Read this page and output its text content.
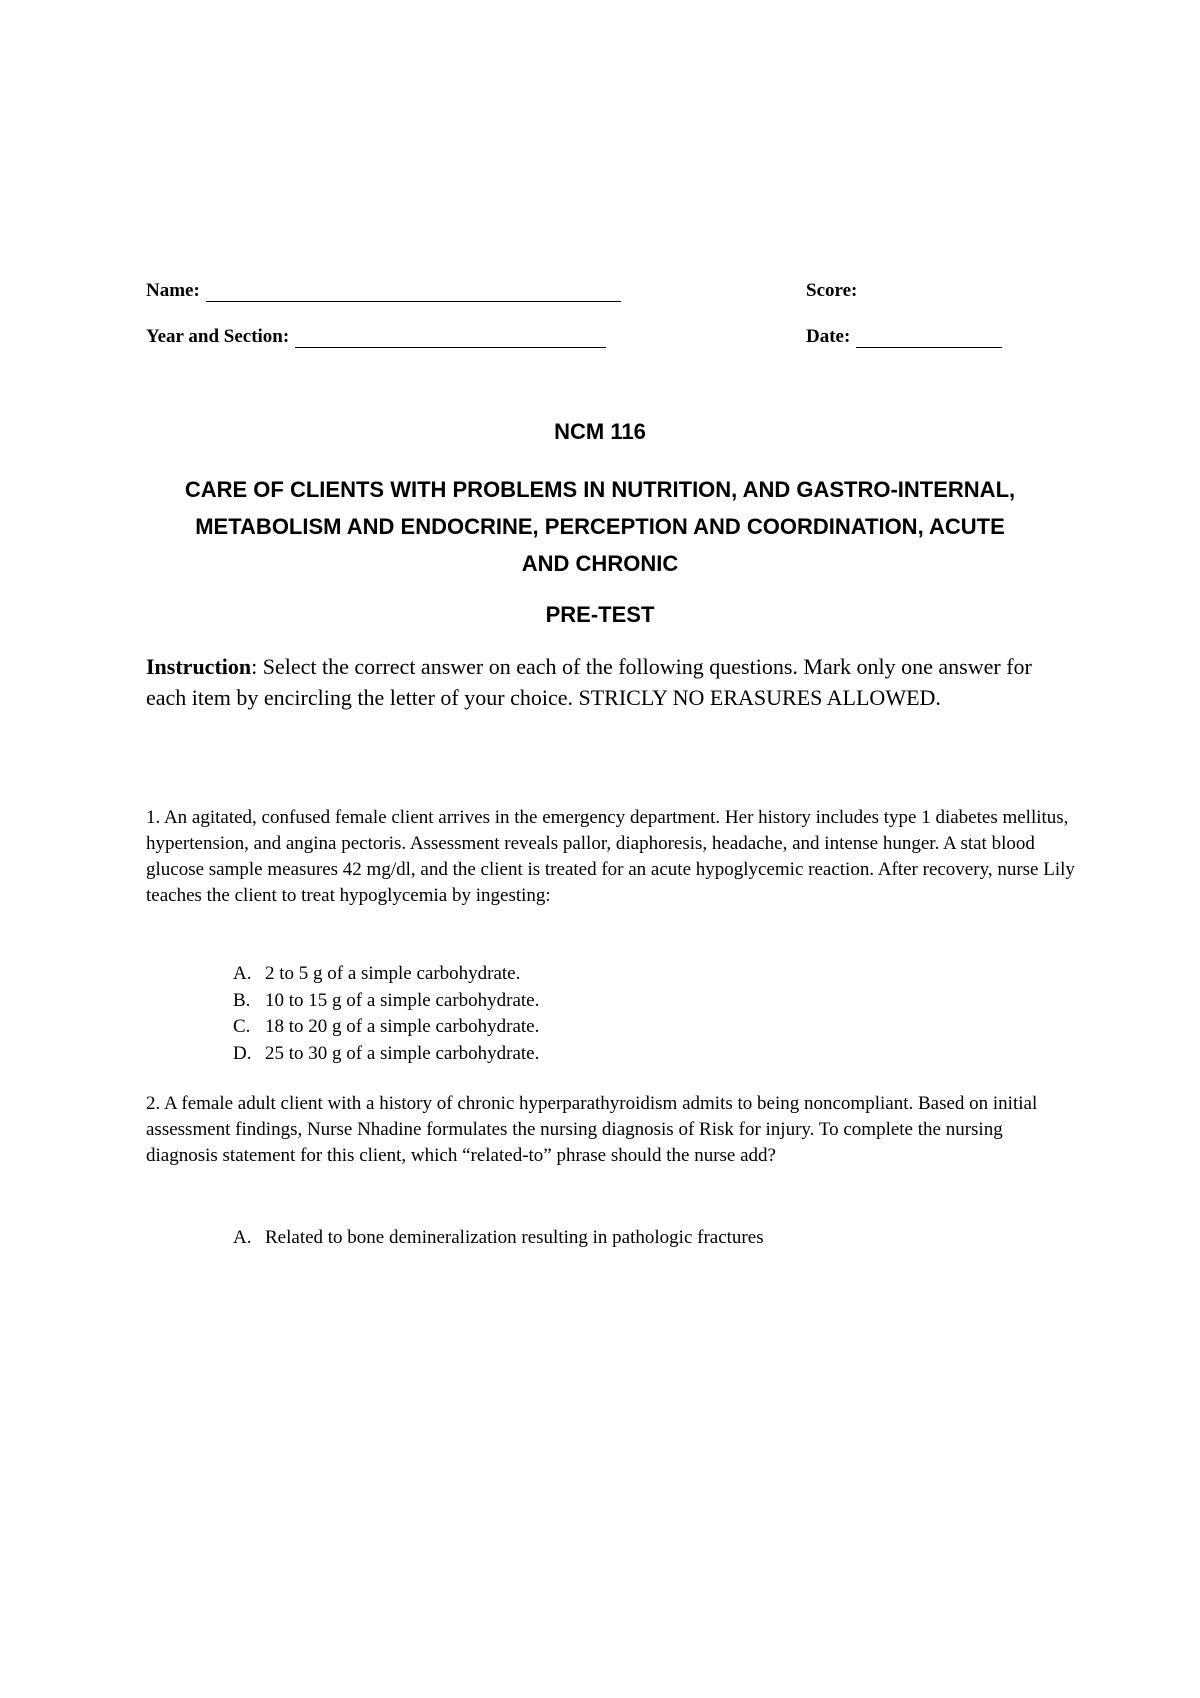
Name:	Score:
Year and Section:	Date:
NCM 116
CARE OF CLIENTS WITH PROBLEMS IN NUTRITION, AND GASTRO-INTERNAL,
METABOLISM AND ENDOCRINE, PERCEPTION AND COORDINATION, ACUTE
AND CHRONIC
PRE-TEST
Instruction: Select the correct answer on each of the following questions. Mark only one answer for each item by encircling the letter of your choice. STRICLY NO ERASURES ALLOWED.
1. An agitated, confused female client arrives in the emergency department. Her history includes type 1 diabetes mellitus, hypertension, and angina pectoris. Assessment reveals pallor, diaphoresis, headache, and intense hunger. A stat blood glucose sample measures 42 mg/dl, and the client is treated for an acute hypoglycemic reaction. After recovery, nurse Lily teaches the client to treat hypoglycemia by ingesting:
A. 2 to 5 g of a simple carbohydrate.
B. 10 to 15 g of a simple carbohydrate.
C. 18 to 20 g of a simple carbohydrate.
D. 25 to 30 g of a simple carbohydrate.
2. A female adult client with a history of chronic hyperparathyroidism admits to being noncompliant. Based on initial assessment findings, Nurse Nhadine formulates the nursing diagnosis of Risk for injury. To complete the nursing diagnosis statement for this client, which “related-to” phrase should the nurse add?
A. Related to bone demineralization resulting in pathologic fractures
